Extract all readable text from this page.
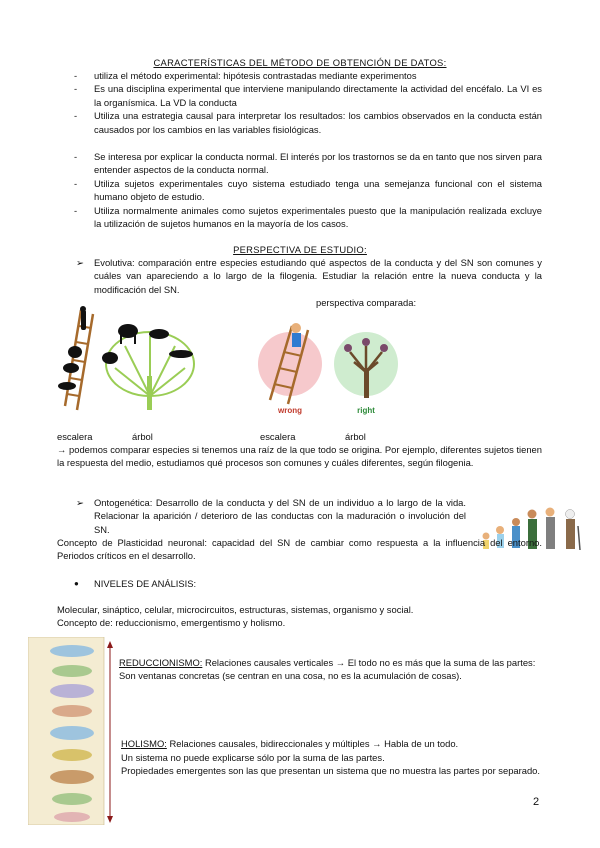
CARACTERÍSTICAS DEL MÉTODO DE OBTENCIÓN DE DATOS:
- utiliza el método experimental: hipótesis contrastadas mediante experimentos
- Es una disciplina experimental que interviene manipulando directamente la actividad del encéfalo. La VI es la organísmica. La VD la conducta
- Utiliza una estrategia causal para interpretar los resultados: los cambios observados en la conducta están causados por los cambios en las variables fisiológicas.
- Se interesa por explicar la conducta normal. El interés por los trastornos se da en tanto que nos sirven para entender aspectos de la conducta normal.
- Utiliza sujetos experimentales cuyo sistema estudiado tenga una semejanza funcional con el sistema humano objeto de estudio.
- Utiliza normalmente animales como sujetos experimentales puesto que la manipulación realizada excluye la utilización de sujetos humanos en la mayoría de los casos.
PERSPECTIVA DE ESTUDIO:
➢ Evolutiva: comparación entre especies estudiando qué aspectos de la conducta y del SN son comunes y cuáles van apareciendo a lo largo de la filogenia. Estudiar la relación entre la nueva conducta y la modificación del SN.
perspectiva comparada:
wrong	right
escalera	árbol	escalera	árbol
→ podemos comparar especies si tenemos una raíz de la que todo se origina. Por ejemplo, diferentes sujetos tienen la respuesta del medio, estudiamos qué procesos son comunes y cuáles diferentes, según filogenia.
➢ Ontogenética: Desarrollo de la conducta y del SN de un individuo a lo largo de la vida. Relacionar la aparición / deterioro de las conductas con la maduración o involución del SN.
Concepto de Plasticidad neuronal: capacidad del SN de cambiar como respuesta a la influencia del entorno. Periodos críticos en el desarrollo.
● NIVELES DE ANÁLISIS:
Molecular, sináptico, celular, microcircuitos, estructuras, sistemas, organismo y social.
Concepto de: reduccionismo, emergentismo y holismo.
REDUCCIONISMO: Relaciones causales verticales → El todo no es más que la suma de las partes: Son ventanas concretas (se centran en una cosa, no es la acumulación de cosas).
HOLISMO: Relaciones causales, bidireccionales y múltiples → Habla de un todo.
Un sistema no puede explicarse sólo por la suma de las partes.
Propiedades emergentes son las que presentan un sistema que no muestra las partes por separado.
2
